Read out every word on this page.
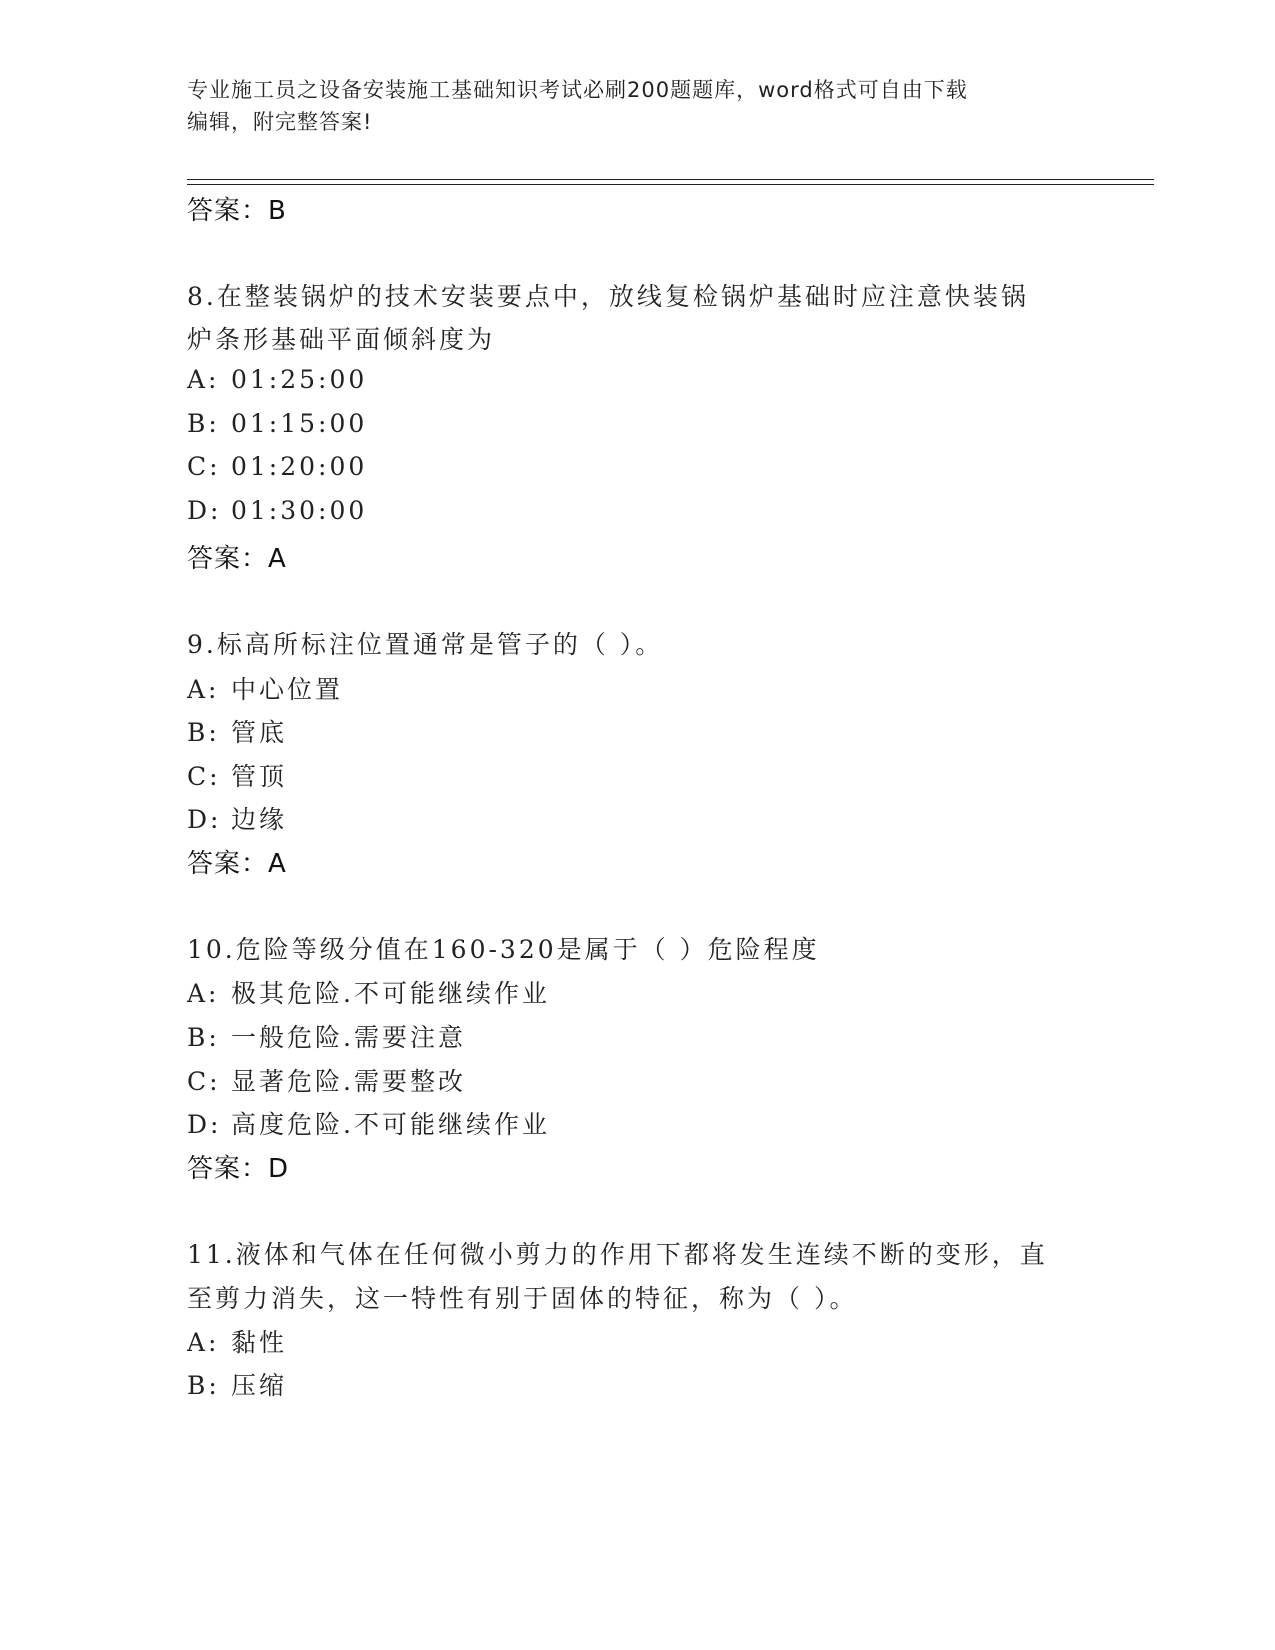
专业施工员之设备安装施工基础知识考试必刷200题题库，word格式可自由下载
编辑，附完整答案!
答案：B
8.在整装锅炉的技术安装要点中，放线复检锅炉基础时应注意快装锅
炉条形基础平面倾斜度为
A: 01:25:00
B: 01:15:00
C: 01:20:00
D: 01:30:00
答案：A
9.标高所标注位置通常是管子的（ ）。
A: 中心位置
B: 管底
C: 管顶
D: 边缘
答案：A
10.危险等级分值在160-320是属于（ ）危险程度
A: 极其危险.不可能继续作业
B: 一般危险.需要注意
C: 显著危险.需要整改
D: 高度危险.不可能继续作业
答案：D
11.液体和气体在任何微小剪力的作用下都将发生连续不断的变形，直
至剪力消失，这一特性有别于固体的特征，称为（ ）。
A: 黏性
B: 压缩
